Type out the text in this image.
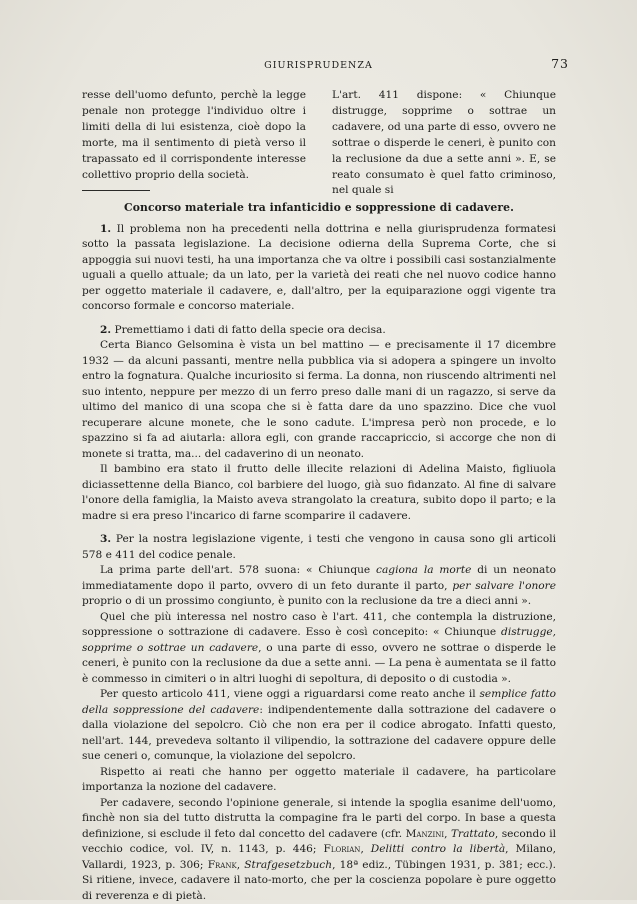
GIURISPRUDENZA	73

resse dell'uomo defunto, perchè la legge penale non protegge l'individuo oltre i limiti della di lui esistenza, cioè dopo la morte, ma il sentimento di pietà verso il trapassato ed il corrispondente interesse collettivo proprio della società.

L'art. 411 dispone: « Chiunque distrugge, sopprime o sottrae un cadavere, od una parte di esso, ovvero ne sottrae o disperde le ceneri, è punito con la reclusione da due a sette anni ». E, se reato consumato è quel fatto criminoso, nel quale si

Concorso materiale tra infanticidio e soppressione di cadavere.

1. Il problema non ha precedenti nella dottrina e nella giurisprudenza formatesi sotto la passata legislazione. La decisione odierna della Suprema Corte, che si appoggia sui nuovi testi, ha una importanza che va oltre i possibili casi sostanzialmente uguali a quello attuale; da un lato, per la varietà dei reati che nel nuovo codice hanno per oggetto materiale il cadavere, e, dall'altro, per la equiparazione oggi vigente tra concorso formale e concorso materiale.

2. Premettiamo i dati di fatto della specie ora decisa.

Certa Bianco Gelsomina è vista un bel mattino — e precisamente il 17 dicembre 1932 — da alcuni passanti, mentre nella pubblica via si adopera a spingere un involto entro la fognatura. Qualche incuriosito si ferma. La donna, non riuscendo altrimenti nel suo intento, neppure per mezzo di un ferro preso dalle mani di un ragazzo, si serve da ultimo del manico di una scopa che si è fatta dare da uno spazzino. Dice che vuol recuperare alcune monete, che le sono cadute. L'impresa però non procede, e lo spazzino si fa ad aiutarla: allora egli, con grande raccapriccio, si accorge che non di monete si tratta, ma... del cadaverino di un neonato.

Il bambino era stato il frutto delle illecite relazioni di Adelina Maisto, figliuola diciassettenne della Bianco, col barbiere del luogo, già suo fidanzato. Al fine di salvare l'onore della famiglia, la Maisto aveva strangolato la creatura, subito dopo il parto; e la madre si era preso l'incarico di farne scomparire il cadavere.

3. Per la nostra legislazione vigente, i testi che vengono in causa sono gli articoli 578 e 411 del codice penale.

La prima parte dell'art. 578 suona: « Chiunque cagiona la morte di un neonato immediatamente dopo il parto, ovvero di un feto durante il parto, per salvare l'onore proprio o di un prossimo congiunto, è punito con la reclusione da tre a dieci anni ».

Quel che più interessa nel nostro caso è l'art. 411, che contempla la distruzione, soppressione o sottrazione di cadavere. Esso è così concepito: « Chiunque distrugge, sopprime o sottrae un cadavere, o una parte di esso, ovvero ne sottrae o disperde le ceneri, è punito con la reclusione da due a sette anni. — La pena è aumentata se il fatto è commesso in cimiteri o in altri luoghi di sepoltura, di deposito o di custodia ».

Per questo articolo 411, viene oggi a riguardarsi come reato anche il semplice fatto della soppressione del cadavere: indipendentemente dalla sottrazione del cadavere o dalla violazione del sepolcro. Ciò che non era per il codice abrogato. Infatti questo, nell'art. 144, prevedeva soltanto il vilipendio, la sottrazione del cadavere oppure delle sue ceneri o, comunque, la violazione del sepolcro.

Rispetto ai reati che hanno per oggetto materiale il cadavere, ha particolare importanza la nozione del cadavere.

Per cadavere, secondo l'opinione generale, si intende la spoglia esanime dell'uomo, finchè non sia del tutto distrutta la compagine fra le parti del corpo. In base a questa definizione, si esclude il feto dal concetto del cadavere (cfr. Manzini, Trattato, secondo il vecchio codice, vol. IV, n. 1143, p. 446; Florian, Delitti contro la libertà, Milano, Vallardi, 1923, p. 306; Frank, Strafgesetzbuch, 18ª ediz., Tübingen 1931, p. 381; ecc.). Si ritiene, invece, cadavere il nato-morto, che per la coscienza popolare è pure oggetto di reverenza e di pietà.
